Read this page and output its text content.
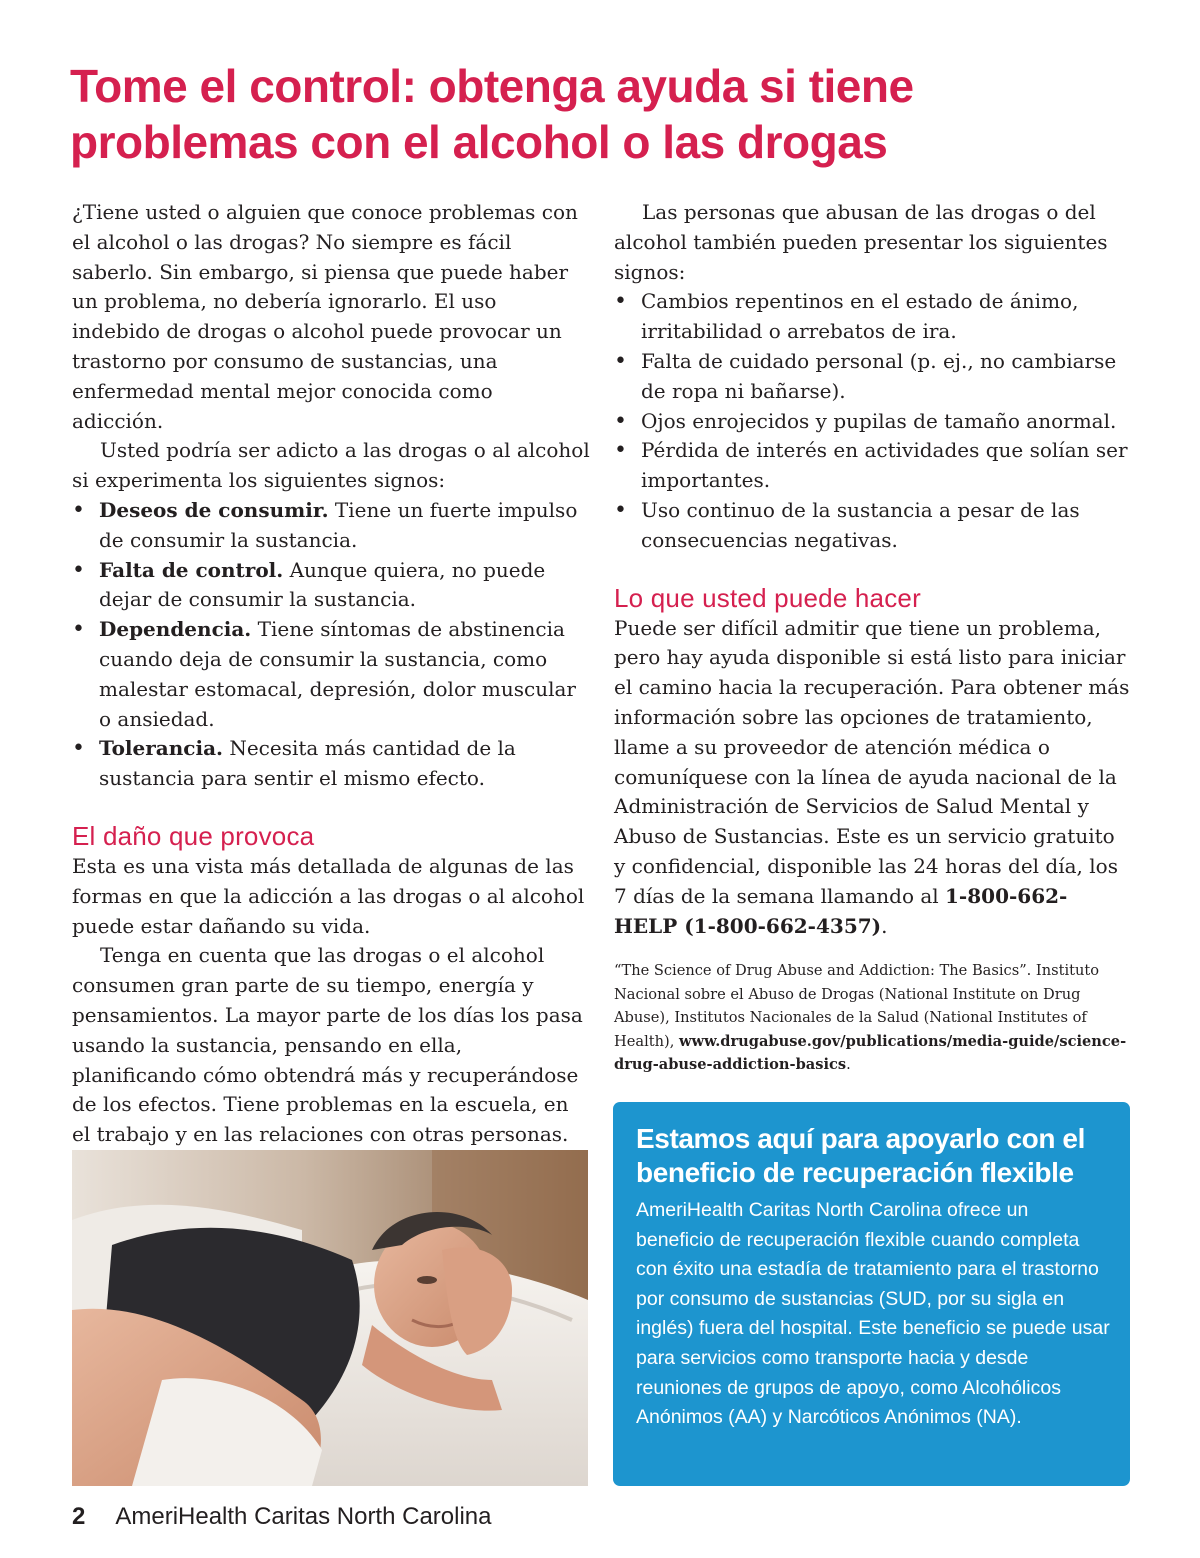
Tome el control: obtenga ayuda si tiene problemas con el alcohol o las drogas

¿Tiene usted o alguien que conoce problemas con el alcohol o las drogas? No siempre es fácil saberlo. Sin embargo, si piensa que puede haber un problema, no debería ignorarlo. El uso indebido de drogas o alcohol puede provocar un trastorno por consumo de sustancias, una enfermedad mental mejor conocida como adicción.

Usted podría ser adicto a las drogas o al alcohol si experimenta los siguientes signos:

• Deseos de consumir. Tiene un fuerte impulso de consumir la sustancia.
• Falta de control. Aunque quiera, no puede dejar de consumir la sustancia.
• Dependencia. Tiene síntomas de abstinencia cuando deja de consumir la sustancia, como malestar estomacal, depresión, dolor muscular o ansiedad.
• Tolerancia. Necesita más cantidad de la sustancia para sentir el mismo efecto.
El daño que provoca

Esta es una vista más detallada de algunas de las formas en que la adicción a las drogas o al alcohol puede estar dañando su vida.

Tenga en cuenta que las drogas o el alcohol consumen gran parte de su tiempo, energía y pensamientos. La mayor parte de los días los pasa usando la sustancia, pensando en ella, planificando cómo obtendrá más y recuperándose de los efectos. Tiene problemas en la escuela, en el trabajo y en las relaciones con otras personas.

Las personas que abusan de las drogas o del alcohol también pueden presentar los siguientes signos:

• Cambios repentinos en el estado de ánimo, irritabilidad o arrebatos de ira.
• Falta de cuidado personal (p. ej., no cambiarse de ropa ni bañarse).
• Ojos enrojecidos y pupilas de tamaño anormal.
• Pérdida de interés en actividades que solían ser importantes.
• Uso continuo de la sustancia a pesar de las consecuencias negativas.
Lo que usted puede hacer

Puede ser difícil admitir que tiene un problema, pero hay ayuda disponible si está listo para iniciar el camino hacia la recuperación. Para obtener más información sobre las opciones de tratamiento, llame a su proveedor de atención médica o comuníquese con la línea de ayuda nacional de la Administración de Servicios de Salud Mental y Abuso de Sustancias. Este es un servicio gratuito y confidencial, disponible las 24 horas del día, los 7 días de la semana llamando al 1-800-662-HELP (1-800-662-4357).

“The Science of Drug Abuse and Addiction: The Basics”. Instituto Nacional sobre el Abuso de Drogas (National Institute on Drug Abuse), Institutos Nacionales de la Salud (National Institutes of Health), www.drugabuse.gov/publications/media-guide/science-drug-abuse-addiction-basics.

Estamos aquí para apoyarlo con el beneficio de recuperación flexible

AmeriHealth Caritas North Carolina ofrece un beneficio de recuperación flexible cuando completa con éxito una estadía de tratamiento para el trastorno por consumo de sustancias (SUD, por su sigla en inglés) fuera del hospital. Este beneficio se puede usar para servicios como transporte hacia y desde reuniones de grupos de apoyo, como Alcohólicos Anónimos (AA) y Narcóticos Anónimos (NA).

2 AmeriHealth Caritas North Carolina
